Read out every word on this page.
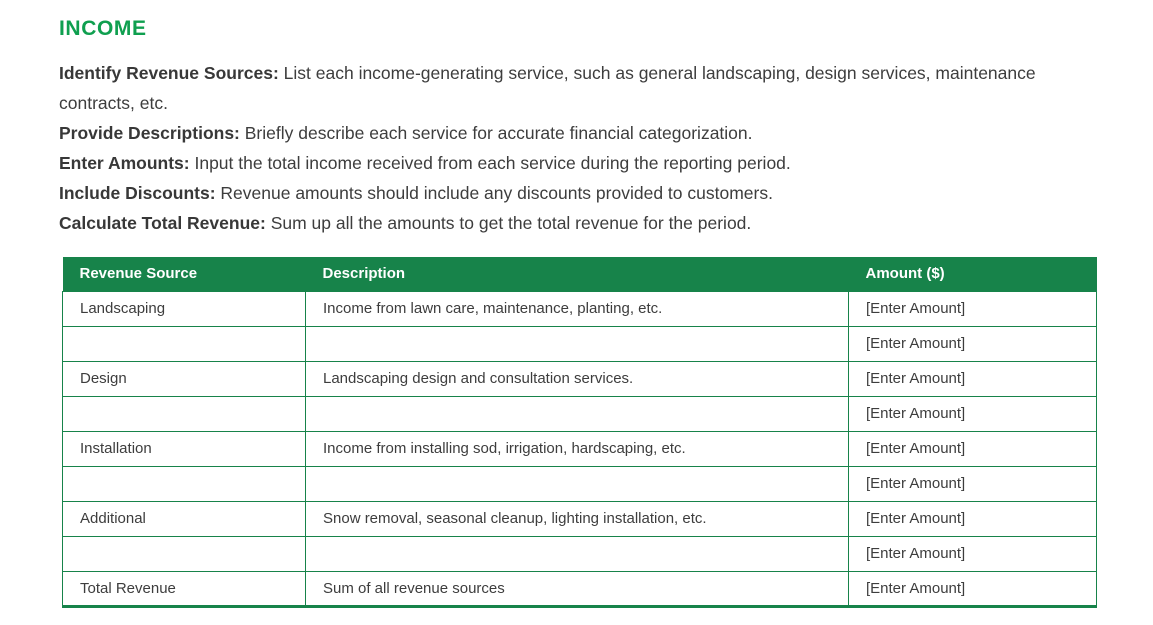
INCOME

Identify Revenue Sources: List each income-generating service, such as general landscaping, design services, maintenance contracts, etc.

Provide Descriptions: Briefly describe each service for accurate financial categorization.

Enter Amounts: Input the total income received from each service during the reporting period.

Include Discounts: Revenue amounts should include any discounts provided to customers.

Calculate Total Revenue: Sum up all the amounts to get the total revenue for the period.

Revenue Source	Description	Amount ($)
Landscaping	Income from lawn care, maintenance, planting, etc.	[Enter Amount]
		[Enter Amount]
Design	Landscaping design and consultation services.	[Enter Amount]
		[Enter Amount]
Installation	Income from installing sod, irrigation, hardscaping, etc.	[Enter Amount]
		[Enter Amount]
Additional	Snow removal, seasonal cleanup, lighting installation, etc.	[Enter Amount]
		[Enter Amount]
Total Revenue	Sum of all revenue sources	[Enter Amount]
